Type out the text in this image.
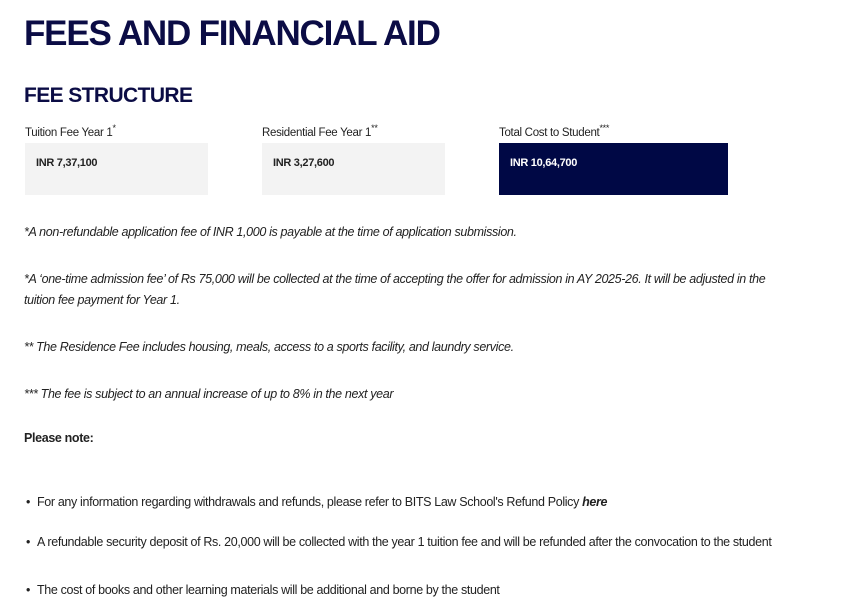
FEES AND FINANCIAL AID
FEE STRUCTURE
Tuition Fee Year 1*	Residential Fee Year 1**	Total Cost to Student***
INR 7,37,100	INR 3,27,600	INR 10,64,700
*A non-refundable application fee of INR 1,000 is payable at the time of application submission.
*A ‘one-time admission fee’ of Rs 75,000 will be collected at the time of accepting the offer for admission in AY 2025-26. It will be adjusted in the tuition fee payment for Year 1.
** The Residence Fee includes housing, meals, access to a sports facility, and laundry service.
*** The fee is subject to an annual increase of up to 8% in the next year
Please note:
• For any information regarding withdrawals and refunds, please refer to BITS Law School's Refund Policy here
• A refundable security deposit of Rs. 20,000 will be collected with the year 1 tuition fee and will be refunded after the convocation to the student
• The cost of books and other learning materials will be additional and borne by the student
